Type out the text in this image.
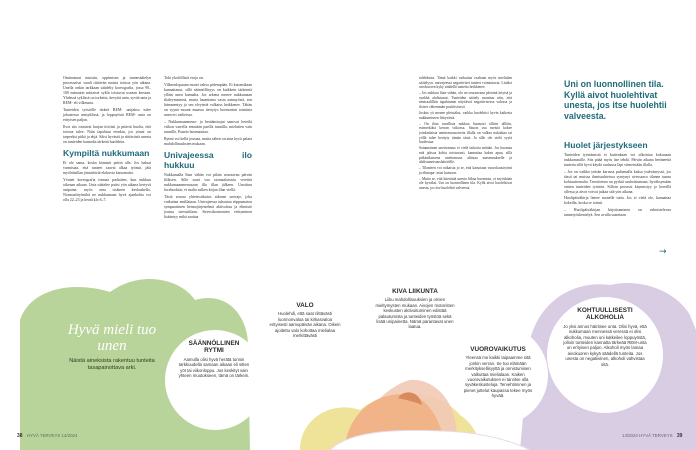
Ominaisuut muistin, oppimisen ja tunnesäätelyn prosesseissi vaadi riittävän monta toistoa yön aikana. Unella onkin tarkkaan säädelty koreografia, jossa 90–100 minuutin mittaiset syklit toistuvat useaan kertaan. Yhdessä syklissä on torkettu, kevyttä unta, syvää unta ja REM- eli vilkeunta.

Tunteiden työstölle tärkeä REM- unijakso tulee jokaisessa unisyklissä, ja loppuyöstä REM- unta on erityisen paljon.

Ilvot siis toimivat hurjan tiiviisti ja pitävät huolta, että toistoa tulee. Näin tapahtuu etenkin, jos yöuni on tarpeeksi pitkä ja ehjä. Siksi hyvästä ja riittävästä unesta on tunteiden kannalta tärkeää huolehtia.

Kympiltä nukkumaan

Et ole sama, koska kömmit petiin alle. Jos haluat varmistaa, että tunteet saavat alkaa työnsä, jätä myöhäisillan jännittäviä elokuvia katsomatta.

Yöunet koreografia toimaa parhaiten, kun nukkuu oikeaan aikaan. Unta säätelee paitsi yön aikana kertyvä unipaine, myös oma sisäinen keskuskello. Normaalirytmiltä ne nukkumaan hyvä ajankohta voi olla 22–23 ja herää klo 6–7.

Tokt yksilöllisiä eroja on.

Vilkeonlopauna monii vahvo pidempään. Ei kutomikaan kannattanut, sillä säännöllisyys on kaikkein tärkeintä ylläin unen kannalta. Jos arkena menee nukkumaan iltaleymmessä, mutta lauantaina vasta aamuyöstä, sen hämmentyy ja sen elvytettä valkaiss heikkenee. Tähän on syynä mount muassa tietrytys hormonien toiminta unen eri vaiheissa.

– Nukkumaanmeno- ja heräämisajat sanovat hereilä viikon varrella enintään parilla tunnilla, mieluiten vain tunnilla, Paunio huomauttaa.

Rytmi voi kellä joustaa, mutta sähen on aina hyvä palata mahdollisuuksien mukaan.

Univajeessa ilo hukkuu

Nukkumalla lhan vähän voi pilata seuraavan päivän fiilksen. Sille saatt vaa stomaalaisista vereittä nukkumaanmenosaan illa illan jälkeen. Unoittuu facebookiin, ei malta sulkea kirjaa illan viellä.

Tästä seuraa yhteisvaikutus aikinen univaje, joka vaikuttaa emillaiaan. Univajeessa tuhoutaa riippumaton sympaattinen hermojärjestelmä aktivoituu ja elimistö joutuu stressitilaan. Stressihormonien erittyminen lisääntyy mikä saattaa

tulehdusta. Tämä kaikki vaikuttaa osaltaan myös mielialan säätelyyn. univajeessa negatiiviset tunteet voimistuvat. Lisäksi aivokuoren kyky säädellä tunteita heikkenee.

– Jos nukkuu liian vähän, olo on seuraavana päivänä ärtyisä ja synkkä ahdistunut. Tunteiden säätely muuttuu niin, että neutraalilltin tapahtumat näyttävät negatiivisessa valossa ja iloiset vähemmän positiivisesti.

Joskus yö menee pleistäksi, vaikka huolehtisi hyvin kaikesta nukkumiseen liittyvästä.

– On ihan tavallista nukkua huonosti silloin tällöin, esimerkiksi kerran viikossa. Saurin osa meistä kokee joinkinlaista unettomuusoireita illalla on valkea nukahtaa tai yöllä tulee heräyty tämän tästä. Ja sille ole vielä syytä huolestua.

Satunnainen unettomuus ei vielä tarkoita mitään. Jos huomaa että jaksoa kohta toistuvasti, kannattaa hakea apua, sillä pitkäaikaisena unettomuus altistaa masennukselle ja ahdistuneisuushäiriöille.

– Tilanteen voi ratkaista jo se, että katsotaan vuorokausirytmi ja elintapa- asiat kuntoon.

– Muita se, että kitenttää unesta liikaa huomiota, ei myöskään ole hyväksi. Uni on luonnollinen tila. Kyllä aivot huolehtivat unesta, jos itse huolehtii valveesta.

Uni on luonnollinen tila. Kyllä aivot huolehtivat unesta, jos itse huolehtii valveesta.
Huolet järjestykseen

Tunteiden työstämistä ei kuitenkaan voi ulkoistaa kokonaan nukkumasille. Siis pitää myös itse tehdä. Päivän aikana heräneeitä tunteita sillä hyvä käydä rauhassa läpi viimeistään illalla.

– Jos on vaikka yrittän karussa puhumalla kaksa ystävänryssä, jos tässä tai muissa ihmissuhteissa syntynyt stressaava tilanne tunnu kohtuuttomalta. Tavoitteena on pyrkiä rauhoittumaan, hyväksymään omien tunteiden työstön. Silloin prosessi käynnistyy jo hereillä ollessa ja aivot voivat jatkaa sitä yön aikana.

Huolipäiväkirja lienee monelle tuttu. Jos ei vielä ole, kannattaa kokeilla, koska se toimii.

– Huolipäiväkirjan kirjoittaminen on valmistelevaa tunnetyöskentelyä. Sen avulla saatetaan

→
Hyvä mieli tuo unen
Näistä aineksista rakentuu tunteita tasapainottava arki.
SÄÄNNÖLLINEN RYTMI
Aamulla olisi hyvä herätä tunnin tarkkuudella samaan aikaan eli sitten yöt tai viikonloppu. Jos keskityt vain yhteen muutokseen, tämä on tärkein.
VALO
Huolehdi, että saat riittävästi luonnonvaloa tai kirkasvaloa erityisesti aamupäivän aikana. Oikein ajoitettu valo kohottaa mielialaa merkittävästi
KIVA LIIKUNTA
Liiku mahdollisuuksien ja omien mieltymysten mukaan. Aivojen motoristen keskusten aktivoituminen edistää palautumista ja tunteiden työstöä sekä lisää unipainetta. Nämä parantavat unen laatua.
VUOROVAIKUTUS
Yleensä me kaikki taipaamme sitä jonkin verran. Se tuo elämään merkityksellisyyttä ja onnistumisen valkuttaa mielialaan. Kaiken vuorovaikutuksen ei tarvitse olla syväkeskusteluja. Tervehtiminen ja pienet juttelut kaupassa tekee myös hyvää.
KOHTUULLISESTI ALKOHOLIA
Jo yksi annos häiritsee unta. Olisi hyvä, että nukkumaan mennessä veressä ei olisi alkoholia, muuten uni katkeilee loppuyöstä, jolloin tunteiden kannalta tärkeää REM-unta on erityisen paljon. Alkoholi myös lamaa aivokuoren kykyä säädellä tunteita. Jos unesta on negatiivinen, alkoholi vahvistaa sitä.
38 HYVÄ TERVEYS 14/2024	14/2024 HYVÄ TERVEYS 39
